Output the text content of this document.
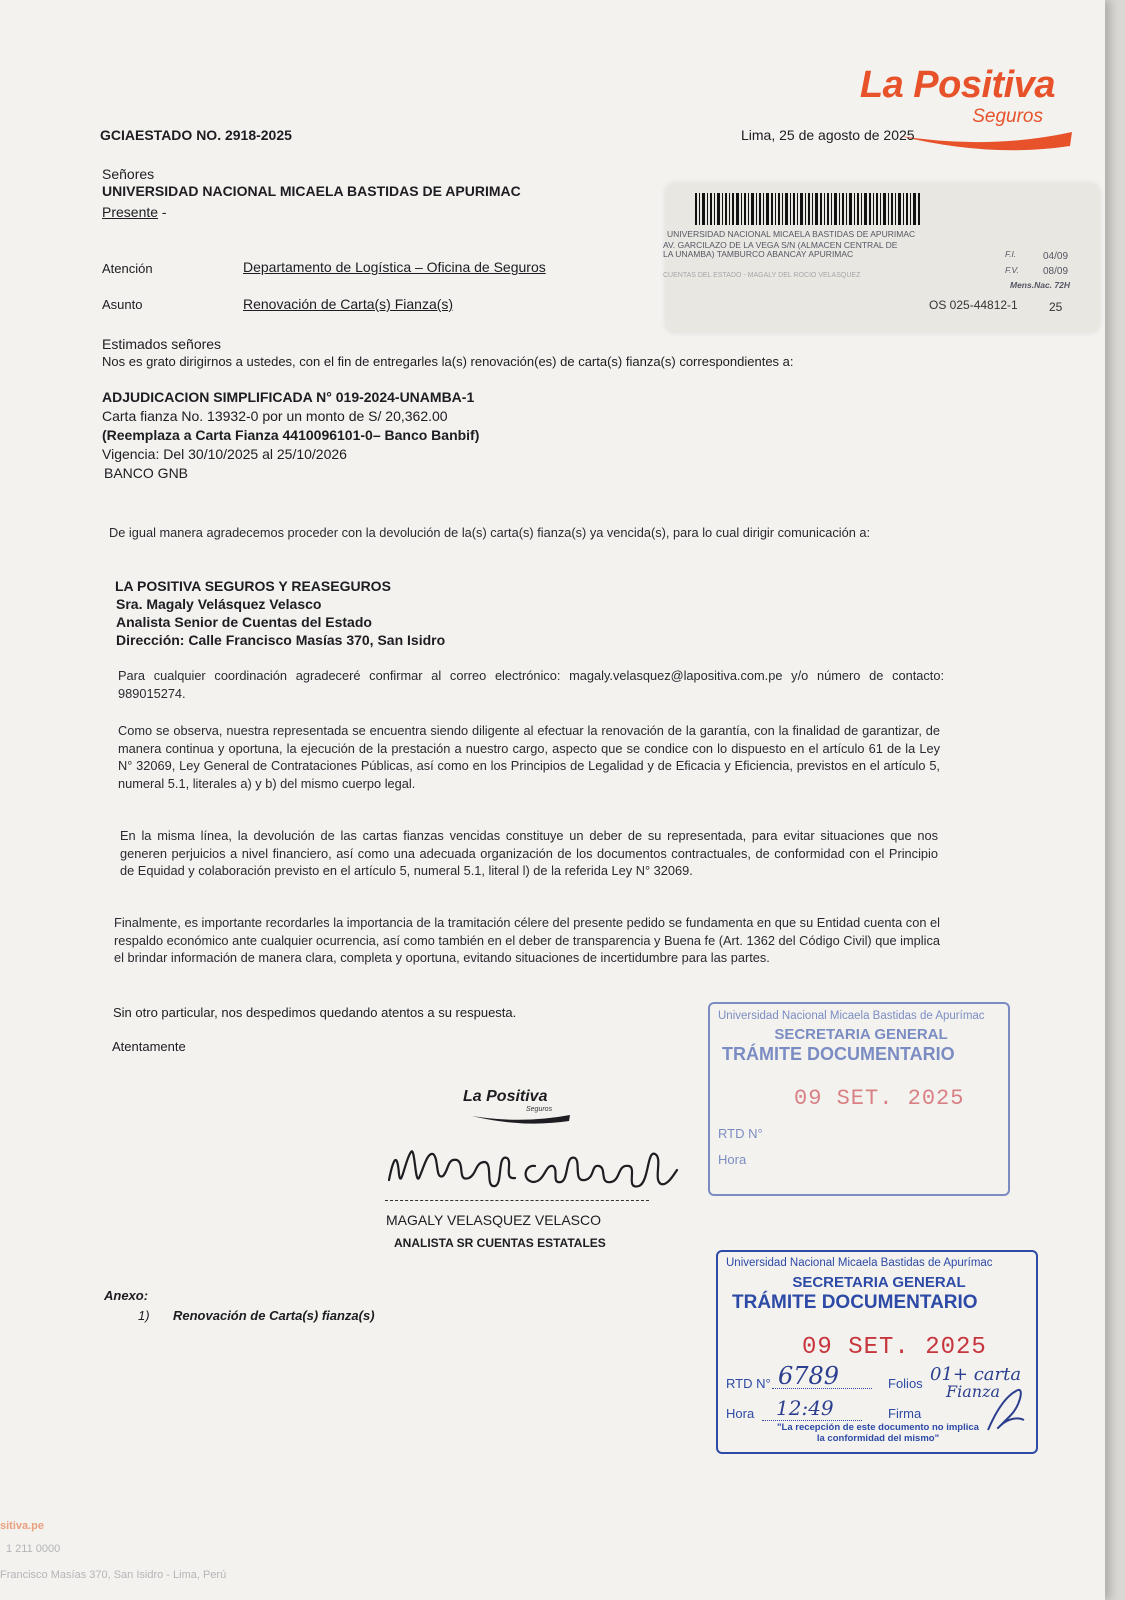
La Positiva
Seguros
GCIAESTADO NO. 2918-2025	Lima, 25 de agosto de 2025
Señores
UNIVERSIDAD NACIONAL MICAELA BASTIDAS DE APURIMAC
Presente -
Atención	Departamento de Logística – Oficina de Seguros
Asunto	Renovación de Carta(s) Fianza(s)
UNIVERSIDAD NACIONAL MICAELA BASTIDAS DE APURIMAC
AV. GARCILAZO DE LA VEGA S/N (ALMACEN CENTRAL DE
LA UNAMBA) TAMBURCO ABANCAY APURIMAC
CUENTAS DEL ESTADO - MAGALY DEL ROCIO VELASQUEZ
F.I.	04/09
F.V. 08/09
Mens.Nac. 72H
OS 025-44812-1	25
Estimados señores
Nos es grato dirigirnos a ustedes, con el fin de entregarles la(s) renovación(es) de carta(s) fianza(s) correspondientes a:
ADJUDICACION SIMPLIFICADA N° 019-2024-UNAMBA-1
Carta fianza No. 13932-0 por un monto de S/ 20,362.00
(Reemplaza a Carta Fianza 4410096101-0– Banco Banbif)
Vigencia: Del 30/10/2025 al 25/10/2026
BANCO GNB
De igual manera agradecemos proceder con la devolución de la(s) carta(s) fianza(s) ya vencida(s), para lo cual dirigir comunicación a:
LA POSITIVA SEGUROS Y REASEGUROS
Sra. Magaly Velásquez Velasco
Analista Senior de Cuentas del Estado
Dirección: Calle Francisco Masías 370, San Isidro
Para cualquier coordinación agradeceré confirmar al correo electrónico: magaly.velasquez@lapositiva.com.pe y/o número de contacto: 989015274.
Como se observa, nuestra representada se encuentra siendo diligente al efectuar la renovación de la garantía, con la finalidad de garantizar, de manera continua y oportuna, la ejecución de la prestación a nuestro cargo, aspecto que se condice con lo dispuesto en el artículo 61 de la Ley N° 32069, Ley General de Contrataciones Públicas, así como en los Principios de Legalidad y de Eficacia y Eficiencia, previstos en el artículo 5, numeral 5.1, literales a) y b) del mismo cuerpo legal.
En la misma línea, la devolución de las cartas fianzas vencidas constituye un deber de su representada, para evitar situaciones que nos generen perjuicios a nivel financiero, así como una adecuada organización de los documentos contractuales, de conformidad con el Principio de Equidad y colaboración previsto en el artículo 5, numeral 5.1, literal l) de la referida Ley N° 32069.
Finalmente, es importante recordarles la importancia de la tramitación célere del presente pedido se fundamenta en que su Entidad cuenta con el respaldo económico ante cualquier ocurrencia, así como también en el deber de transparencia y Buena fe (Art. 1362 del Código Civil) que implica el brindar información de manera clara, completa y oportuna, evitando situaciones de incertidumbre para las partes.
Sin otro particular, nos despedimos quedando atentos a su respuesta.
Atentamente
La Positiva
Seguros
MAGALY VELASQUEZ VELASCO
ANALISTA SR CUENTAS ESTATALES
Anexo:
1) Renovación de Carta(s) fianza(s)
Universidad Nacional Micaela Bastidas de Apurímac
SECRETARIA GENERAL
TRÁMITE DOCUMENTARIO
09 SET. 2025
RTD N°
Hora
Universidad Nacional Micaela Bastidas de Apurímac
SECRETARIA GENERAL
TRÁMITE DOCUMENTARIO
09 SET. 2025
RTD N° 6789	Folios 01+ carta
Fianza
Hora 12:49	Firma
"La recepción de este documento no implica
la conformidad del mismo"
sitiva.pe
1 211 0000
Francisco Masías 370, San Isidro - Lima, Perú
